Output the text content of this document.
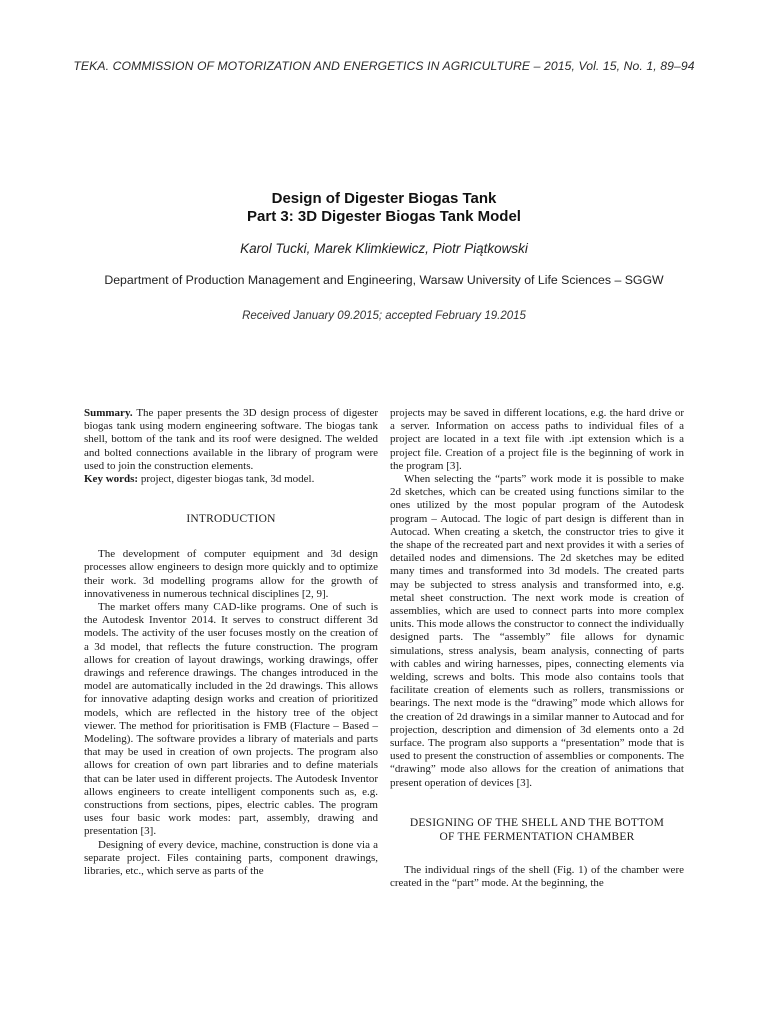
TEKA. COMMISSION OF MOTORIZATION AND ENERGETICS IN AGRICULTURE – 2015, Vol. 15, No. 1, 89–94
Design of Digester Biogas Tank
Part 3: 3D Digester Biogas Tank Model
Karol Tucki, Marek Klimkiewicz, Piotr Piątkowski
Department of Production Management and Engineering, Warsaw University of Life Sciences – SGGW
Received January 09.2015; accepted February 19.2015

Summary. The paper presents the 3D design process of digester biogas tank using modern engineering software. The biogas tank shell, bottom of the tank and its roof were designed. The welded and bolted connections available in the library of program were used to join the construction elements.

Key words: project, digester biogas tank, 3d model.

INTRODUCTION

The development of computer equipment and 3d design processes allow engineers to design more quickly and to optimize their work. 3d modelling programs allow for the growth of innovativeness in numerous technical disciplines [2, 9].

The market offers many CAD-like programs. One of such is the Autodesk Inventor 2014. It serves to construct different 3d models. The activity of the user focuses mostly on the creation of a 3d model, that reflects the future construction. The program allows for creation of layout drawings, working drawings, offer drawings and reference drawings. The changes introduced in the model are automatically included in the 2d drawings. This allows for innovative adapting design works and creation of prioritized models, which are reflected in the history tree of the object viewer. The method for prioritisation is FMB (Flacture – Based – Modeling). The software provides a library of materials and parts that may be used in creation of own projects. The program also allows for creation of own part libraries and to define materials that can be later used in different projects. The Autodesk Inventor allows engineers to create intelligent components such as, e.g. constructions from sections, pipes, electric cables. The program uses four basic work modes: part, assembly, drawing and presentation [3].

Designing of every device, machine, construction is done via a separate project. Files containing parts, component drawings, libraries, etc., which serve as parts of the

projects may be saved in different locations, e.g. the hard drive or a server. Information on access paths to individual files of a project are located in a text file with .ipt extension which is a project file. Creation of a project file is the beginning of work in the program [3].

When selecting the “parts” work mode it is possible to make 2d sketches, which can be created using functions similar to the ones utilized by the most popular program of the Autodesk program – Autocad. The logic of part design is different than in Autocad. When creating a sketch, the constructor tries to give it the shape of the recreated part and next provides it with a series of detailed nodes and dimensions. The 2d sketches may be edited many times and transformed into 3d models. The created parts may be subjected to stress analysis and transformed into, e.g. metal sheet construction. The next work mode is creation of assemblies, which are used to connect parts into more complex units. This mode allows the constructor to connect the individually designed parts. The “assembly” file allows for dynamic simulations, stress analysis, beam analysis, connecting of parts with cables and wiring harnesses, pipes, connecting elements via welding, screws and bolts. This mode also contains tools that facilitate creation of elements such as rollers, transmissions or bearings. The next mode is the “drawing” mode which allows for the creation of 2d drawings in a similar manner to Autocad and for projection, description and dimension of 3d elements onto a 2d surface. The program also supports a “presentation” mode that is used to present the construction of assemblies or components. The “drawing” mode also allows for the creation of animations that present operation of devices [3].

DESIGNING OF THE SHELL AND THE BOTTOM
OF THE FERMENTATION CHAMBER

The individual rings of the shell (Fig. 1) of the chamber were created in the “part” mode. At the beginning, the
